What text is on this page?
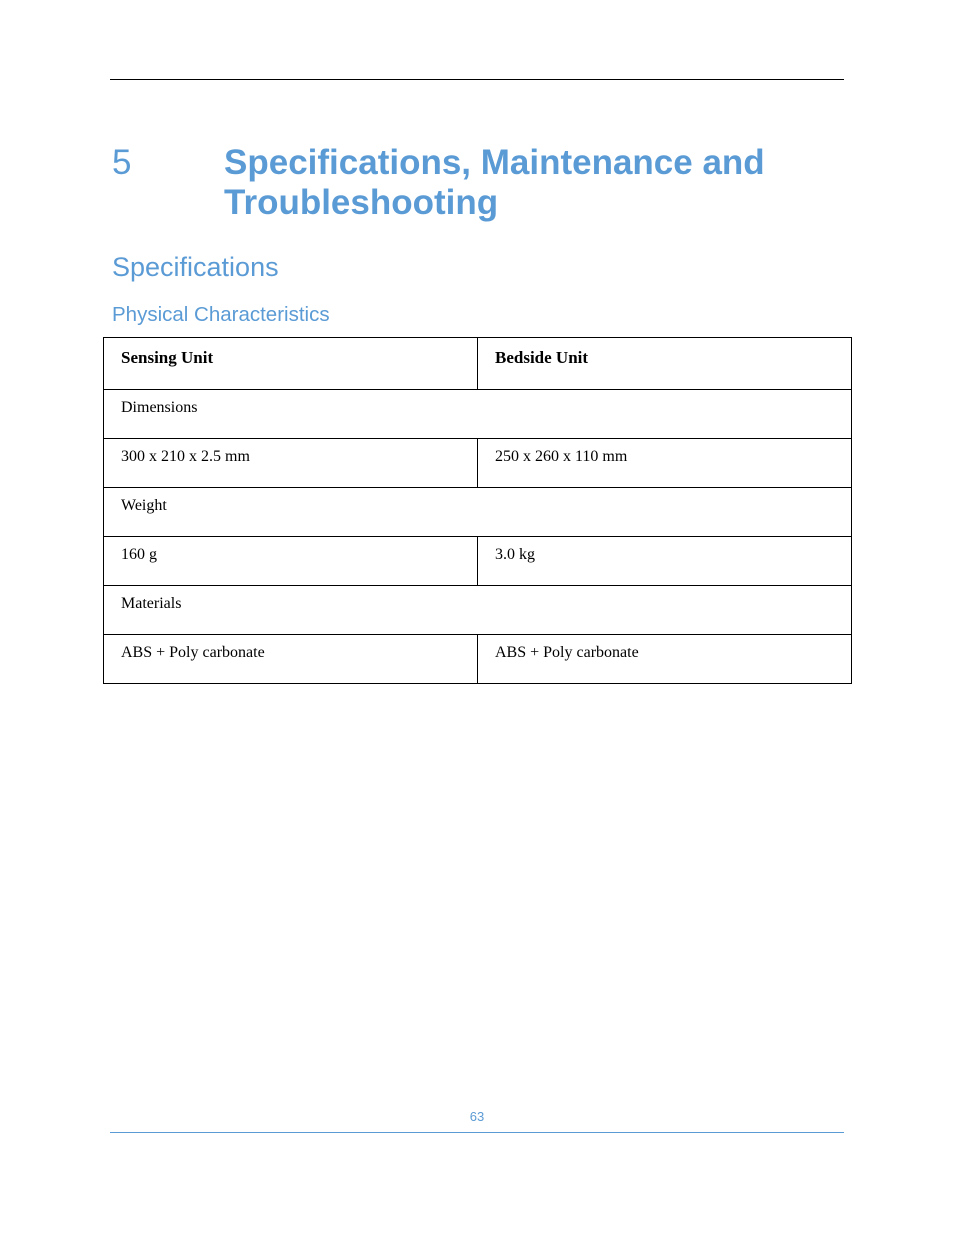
5	Specifications, Maintenance and
Troubleshooting
Specifications
Physical Characteristics
Sensing Unit	Bedside Unit
Dimensions	
300 x 210 x 2.5 mm	250 x 260 x 110 mm
Weight	
160 g	3.0 kg
Materials	
ABS + Poly carbonate	ABS + Poly carbonate
63
